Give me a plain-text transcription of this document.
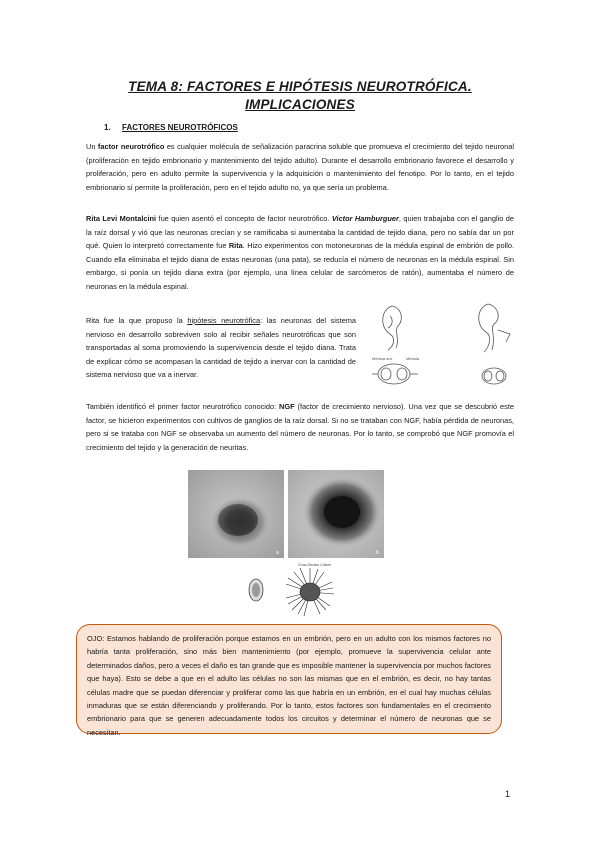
TEMA 8: FACTORES E HIPÓTESIS NEUROTRÓFICA.
IMPLICACIONES
1. FACTORES NEUROTRÓFICOS

Un factor neurotrófico es cualquier molécula de señalización paracrina soluble que promueva el crecimiento del tejido neuronal (proliferación en tejido embrionario y mantenimiento del tejido adulto). Durante el desarrollo embrionario favorece el desarrollo y proliferación, pero en adulto permite la supervivencia y la adquisición o mantenimiento del fenotipo. Por lo tanto, en el tejido embrionario sí permite la proliferación, pero en el tejido adulto no, ya que sería un problema.

Rita Levi Montalcini fue quien asentó el concepto de factor neurotrófico. Victor Hamburguer, quien trabajaba con el ganglio de la raíz dorsal y vió que las neuronas crecían y se ramificaba si aumentaba la cantidad de tejido diana, pero no sabía dar un por qué. Quien lo interpretó correctamente fue Rita. Hizo experimentos con motoneuronas de la médula espinal de embrión de pollo. Cuando ella eliminaba el tejido diana de estas neuronas (una pata), se reducía el número de neuronas en la médula espinal. Sin embargo, si ponía un tejido diana extra (por ejemplo, una línea celular de sarcómeros de ratón), aumentaba el número de neuronas en la médula espinal.

Rita fue la que propuso la hipótesis neurotrófica: las neuronas del sistema nervioso en desarrollo sobreviven solo al recibir señales neurotróficas que son transportadas al soma promoviendo la supervivencia desde el tejido diana. Trata de explicar cómo se acompasan la cantidad de tejido a inervar con la cantidad de sistema nervioso que va a inervar.

Médula ant.	Médula

También identificó el primer factor neurotrófico conocido: NGF (factor de crecimiento nervioso). Una vez que se descubrió este factor, se hicieron experimentos con cultivos de ganglios de la raíz dorsal. Si no se trataban con NGF, había pérdida de neuronas, pero si se trataba con NGF se observaba un aumento del número de neuronas. Por lo tanto, se comprobó que NGF promovía el crecimiento del tejido y la generación de neuritas.

a	b
Cross-Section Culture

OJO: Estamos hablando de proliferación porque estamos en un embrión, pero en un adulto con los mismos factores no habría tanta proliferación, sino más bien mantenimiento (por ejemplo, promueve la supervivencia celular ante determinados daños, pero a veces el daño es tan grande que es imposible mantener la supervivencia por muchos factores que haya). Esto se debe a que en el adulto las células no son las mismas que en el embrión, es decir, no hay tantas células madre que se puedan diferenciar y proliferar como las que habría en un embrión, en el cual hay muchas células inmaduras que se están diferenciando y proliferando. Por lo tanto, estos factores son fundamentales en el crecimiento embrionario para que se generen adecuadamente todos los circuitos y determinar el número de neuronas que se necesitan.

1
